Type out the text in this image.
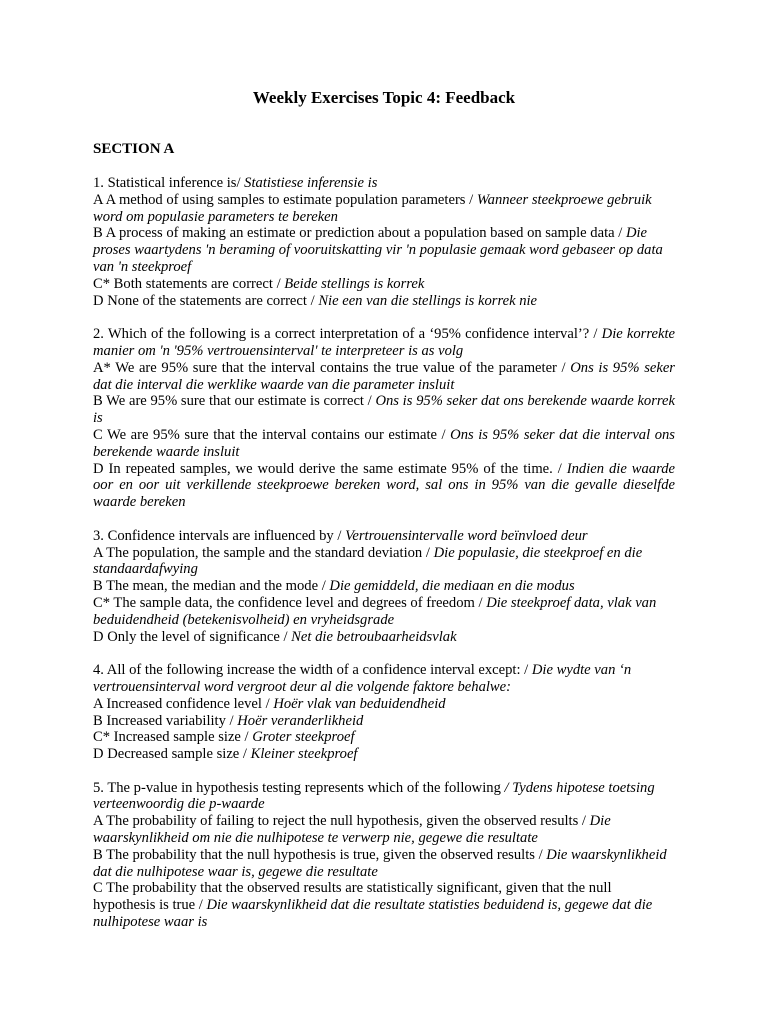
Weekly Exercises Topic 4: Feedback
SECTION A
1. Statistical inference is/ Statistiese inferensie is
A A method of using samples to estimate population parameters / Wanneer steekproewe gebruik word om populasie parameters te bereken
B A process of making an estimate or prediction about a population based on sample data / Die proses waartydens 'n beraming of vooruitskatting vir 'n populasie gemaak word gebaseer op data van 'n steekproef
C* Both statements are correct / Beide stellings is korrek
D None of the statements are correct / Nie een van die stellings is korrek nie
2. Which of the following is a correct interpretation of a ‘95% confidence interval’? / Die korrekte manier om 'n '95% vertrouensinterval' te interpreteer is as volg
A* We are 95% sure that the interval contains the true value of the parameter / Ons is 95% seker dat die interval die werklike waarde van die parameter insluit
B We are 95% sure that our estimate is correct / Ons is 95% seker dat ons berekende waarde korrek is
C We are 95% sure that the interval contains our estimate / Ons is 95% seker dat die interval ons berekende waarde insluit
D In repeated samples, we would derive the same estimate 95% of the time. / Indien die waarde oor en oor uit verkillende steekproewe bereken word, sal ons in 95% van die gevalle dieselfde waarde bereken
3. Confidence intervals are influenced by / Vertrouensintervalle word beïnvloed deur
A The population, the sample and the standard deviation / Die populasie, die steekproef en die standaardafwying
B The mean, the median and the mode / Die gemiddeld, die mediaan en die modus
C* The sample data, the confidence level and degrees of freedom / Die steekproef data, vlak van beduidendheid (betekenisvolheid) en vryheidsgrade
D Only the level of significance / Net die betroubaarheidsvlak
4. All of the following increase the width of a confidence interval except: / Die wydte van ‘n vertrouensinterval word vergroot deur al die volgende faktore behalwe:
A Increased confidence level / Hoër vlak van beduidendheid
B Increased variability / Hoër veranderlikheid
C* Increased sample size / Groter steekproef
D Decreased sample size / Kleiner steekproef
5. The p-value in hypothesis testing represents which of the following / Tydens hipotese toetsing verteenwoordig die p-waarde
A The probability of failing to reject the null hypothesis, given the observed results / Die waarskynlikheid om nie die nulhipotese te verwerp nie, gegewe die resultate
B The probability that the null hypothesis is true, given the observed results / Die waarskynlikheid dat die nulhipotese waar is, gegewe die resultate
C The probability that the observed results are statistically significant, given that the null hypothesis is true / Die waarskynlikheid dat die resultate statisties beduidend is, gegewe dat die nulhipotese waar is
